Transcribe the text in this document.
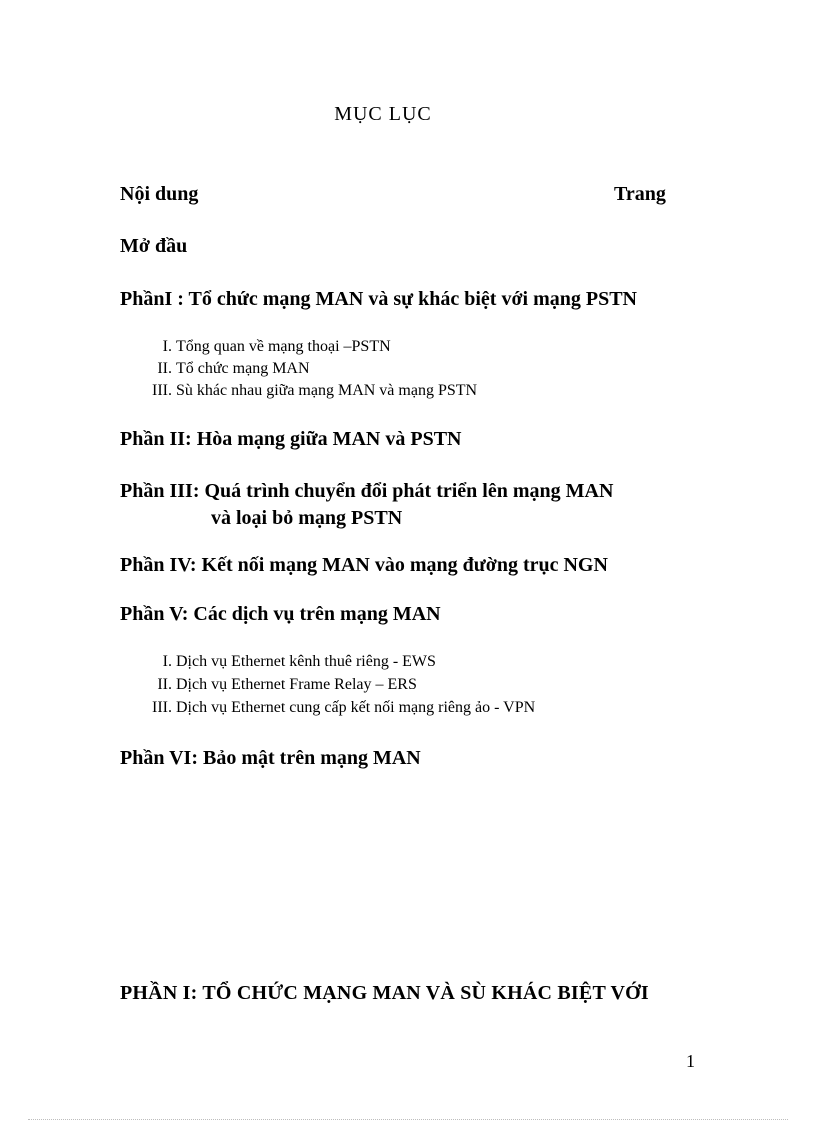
MỤC LỤC
Nội dung	Trang
Mở đầu
PhầnI : Tổ chức mạng MAN và sự khác biệt với mạng PSTN
I. Tổng quan về mạng thoại –PSTN
II. Tổ chức mạng MAN
III. Sù khác nhau giữa mạng MAN và mạng PSTN
Phần II: Hòa mạng giữa MAN và PSTN
Phần III: Quá trình chuyển đổi phát triển lên mạng MAN
và loại bỏ mạng PSTN
Phần IV: Kết nối mạng MAN vào mạng đường trục NGN
Phần V: Các dịch vụ trên mạng MAN
I. Dịch vụ Ethernet kênh thuê riêng - EWS
II. Dịch vụ Ethernet Frame Relay – ERS
III. Dịch vụ Ethernet cung cấp kết nối mạng riêng ảo - VPN
Phần VI: Bảo mật trên mạng MAN
PHẦN I: TỔ CHỨC MẠNG MAN VÀ SÙ KHÁC BIỆT VỚI
1
